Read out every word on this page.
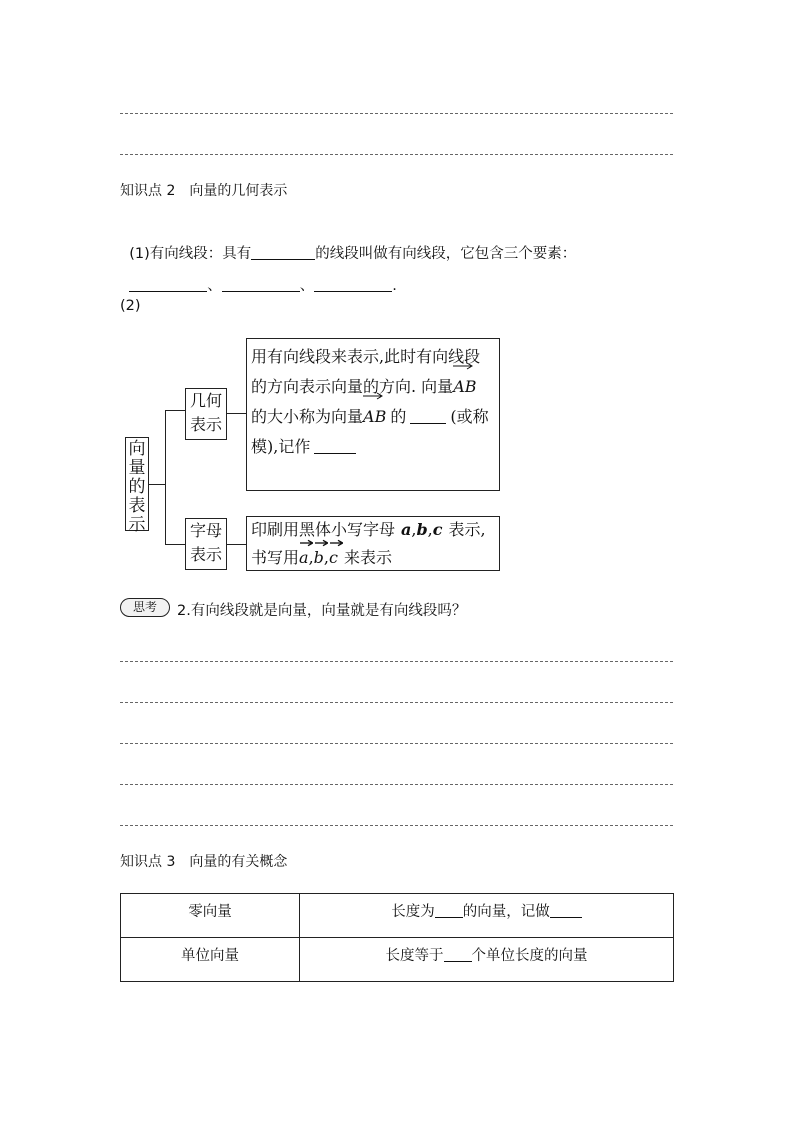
知识点 2　向量的几何表示

(1)有向线段：具有	的线段叫做有向线段，它包含三个要素：

、	、	.

(2)
向
量
的
表
示
几何
表示
字母
表示

用有向线段来表示,此时有向线段

的方向表示向量的方向. 向量
AB

的大小称为向量
AB 的	(或称

模),记作

印刷用黑体小写字母 a,b,c 表示,

书写用
a,
b,
c 来表示

思考	2.有向线段就是向量，向量就是有向线段吗？
知识点 3　向量的有关概念
零向量	长度为 的向量，记做
单位向量	长度等于 个单位长度的向量
